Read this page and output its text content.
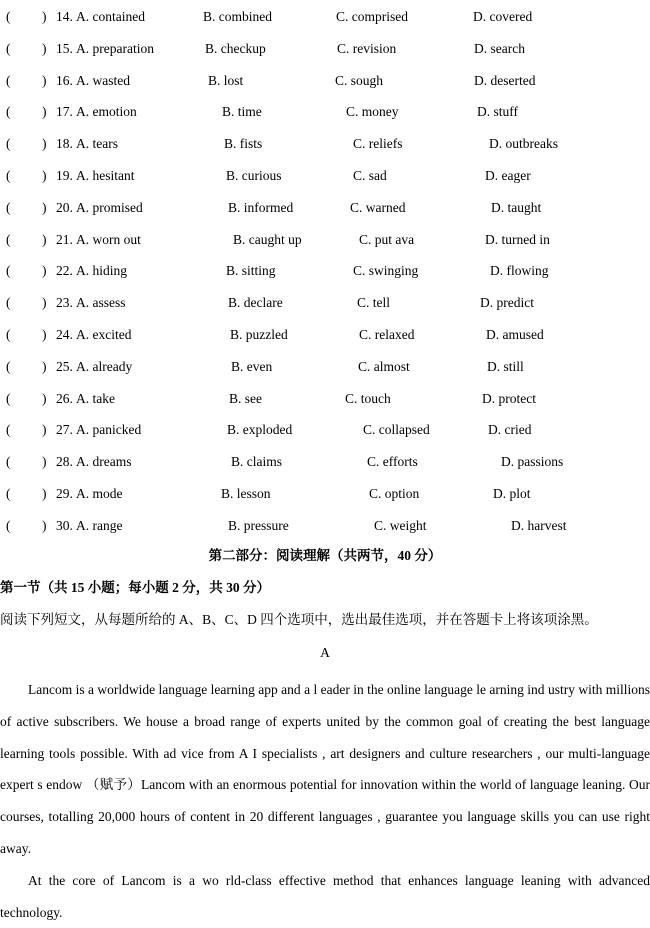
( ) 14. A. contained	B. combined	C. comprised	D. covered
( ) 15. A. preparation	B. checkup	C. revision	D. search
( ) 16. A. wasted	B. lost	C. sough	D. deserted
( ) 17. A. emotion	B. time	C. money	D. stuff
( ) 18. A. tears	B. fists	C. reliefs	D. outbreaks
( ) 19. A. hesitant	B. curious	C. sad	D. eager
( ) 20. A. promised	B. informed	C. warned	D. taught
( ) 21. A. worn out	B. caught up	C. put ava	D. turned in
( ) 22. A. hiding	B. sitting	C. swinging	D. flowing
( ) 23. A. assess	B. declare	C. tell	D. predict
( ) 24. A. excited	B. puzzled	C. relaxed	D. amused
( ) 25. A. already	B. even	C. almost	D. still
( ) 26. A. take	B. see	C. touch	D. protect
( ) 27. A. panicked	B. exploded	C. collapsed	D. cried
( ) 28. A. dreams	B. claims	C. efforts	D. passions
( ) 29. A. mode	B. lesson	C. option	D. plot
( ) 30. A. range	B. pressure	C. weight	D. harvest
第二部分：阅读理解（共两节，40 分）
第一节（共 15 小题；每小题 2 分，共 30 分）
阅读下列短文，从每题所给的 A、B、C、D 四个选项中，选出最佳选项，并在答题卡上将该项涂黑。
A

Lancom is a worldwide language learning app and a l eader in the online language le arning ind ustry with millions of active subscribers. We house a broad range of experts united by the common goal of creating the best language learning tools possible. With ad vice from A I specialists , art designers and culture researchers , our multi-language expert s endow （赋予）Lancom with an enormous potential for innovation within the world of language leaning. Our courses, totalling 20,000 hours of content in 20 different languages , guarantee you language skills you can use right away.

At the core of Lancom is a wo rld-class effective method that enhances language leaning with advanced technology.
